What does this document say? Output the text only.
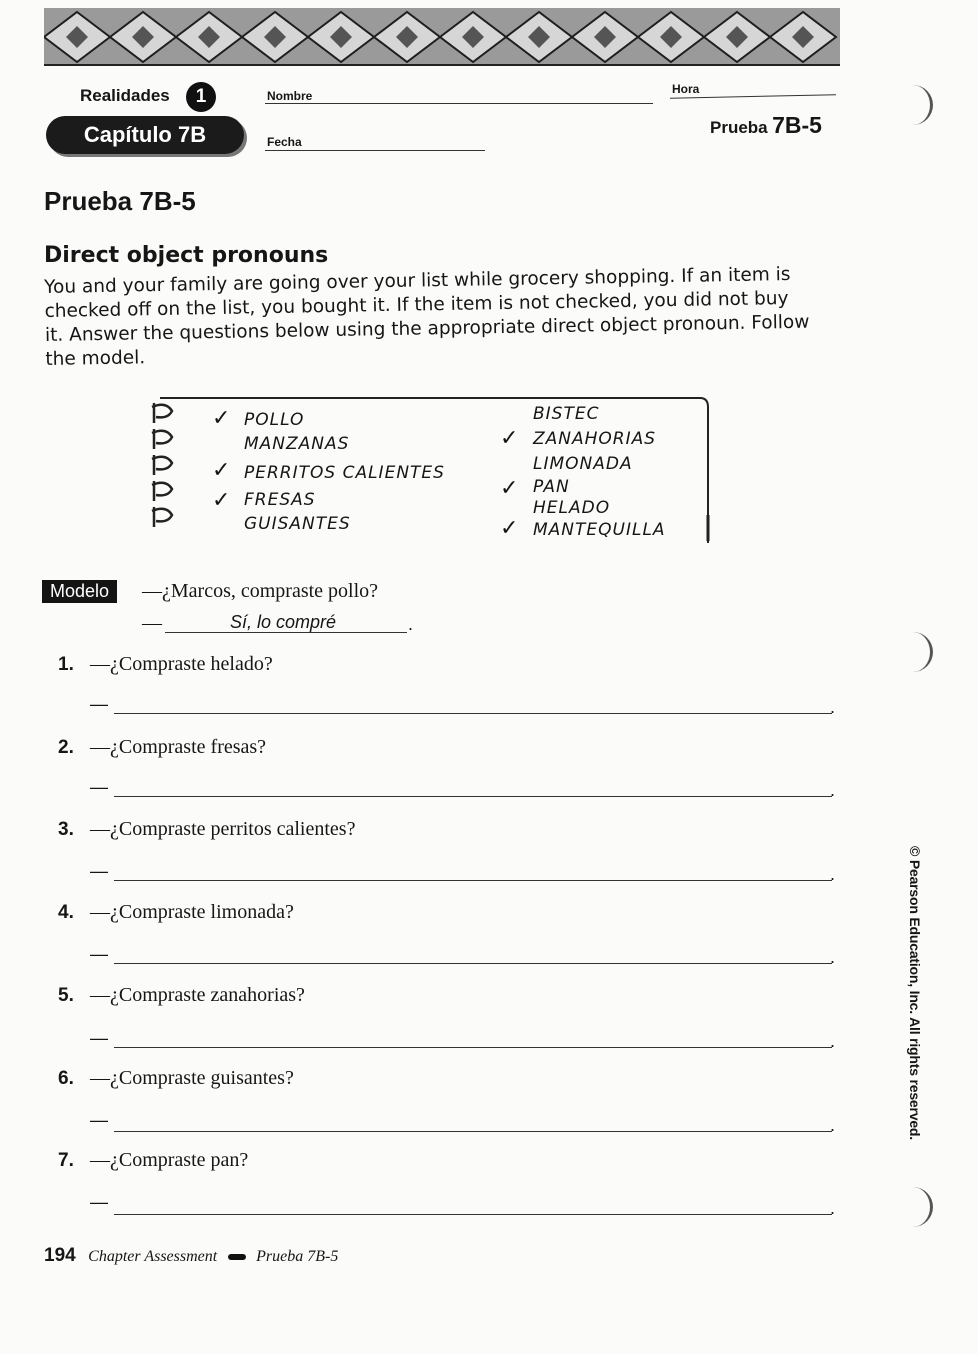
Realidades	1
Capítulo 7B
Nombre	Hora
Fecha
Prueba 7B-5
Prueba 7B-5
Direct object pronouns
You and your family are going over your list while grocery shopping. If an item is checked off on the list, you bought it. If the item is not checked, you did not buy it. Answer the questions below using the appropriate direct object pronoun. Follow the model.
✓ POLLO
MANZANAS
✓ PERRITOS CALIENTES
✓ FRESAS
GUISANTES
BISTEC
✓ ZANAHORIAS
LIMONADA
✓ PAN
HELADO
✓ MANTEQUILLA
Modelo	—¿Marcos, compraste pollo?
—	Sí, lo compré	.
1. —¿Compraste helado?
—	.
2. —¿Compraste fresas?
—	.
3. —¿Compraste perritos calientes?
—	.
4. —¿Compraste limonada?
—	.
5. —¿Compraste zanahorias?
—	.
6. —¿Compraste guisantes?
—	.
7. —¿Compraste pan?
—	.
194 Chapter Assessment Prueba 7B-5
© Pearson Education, Inc. All rights reserved.
